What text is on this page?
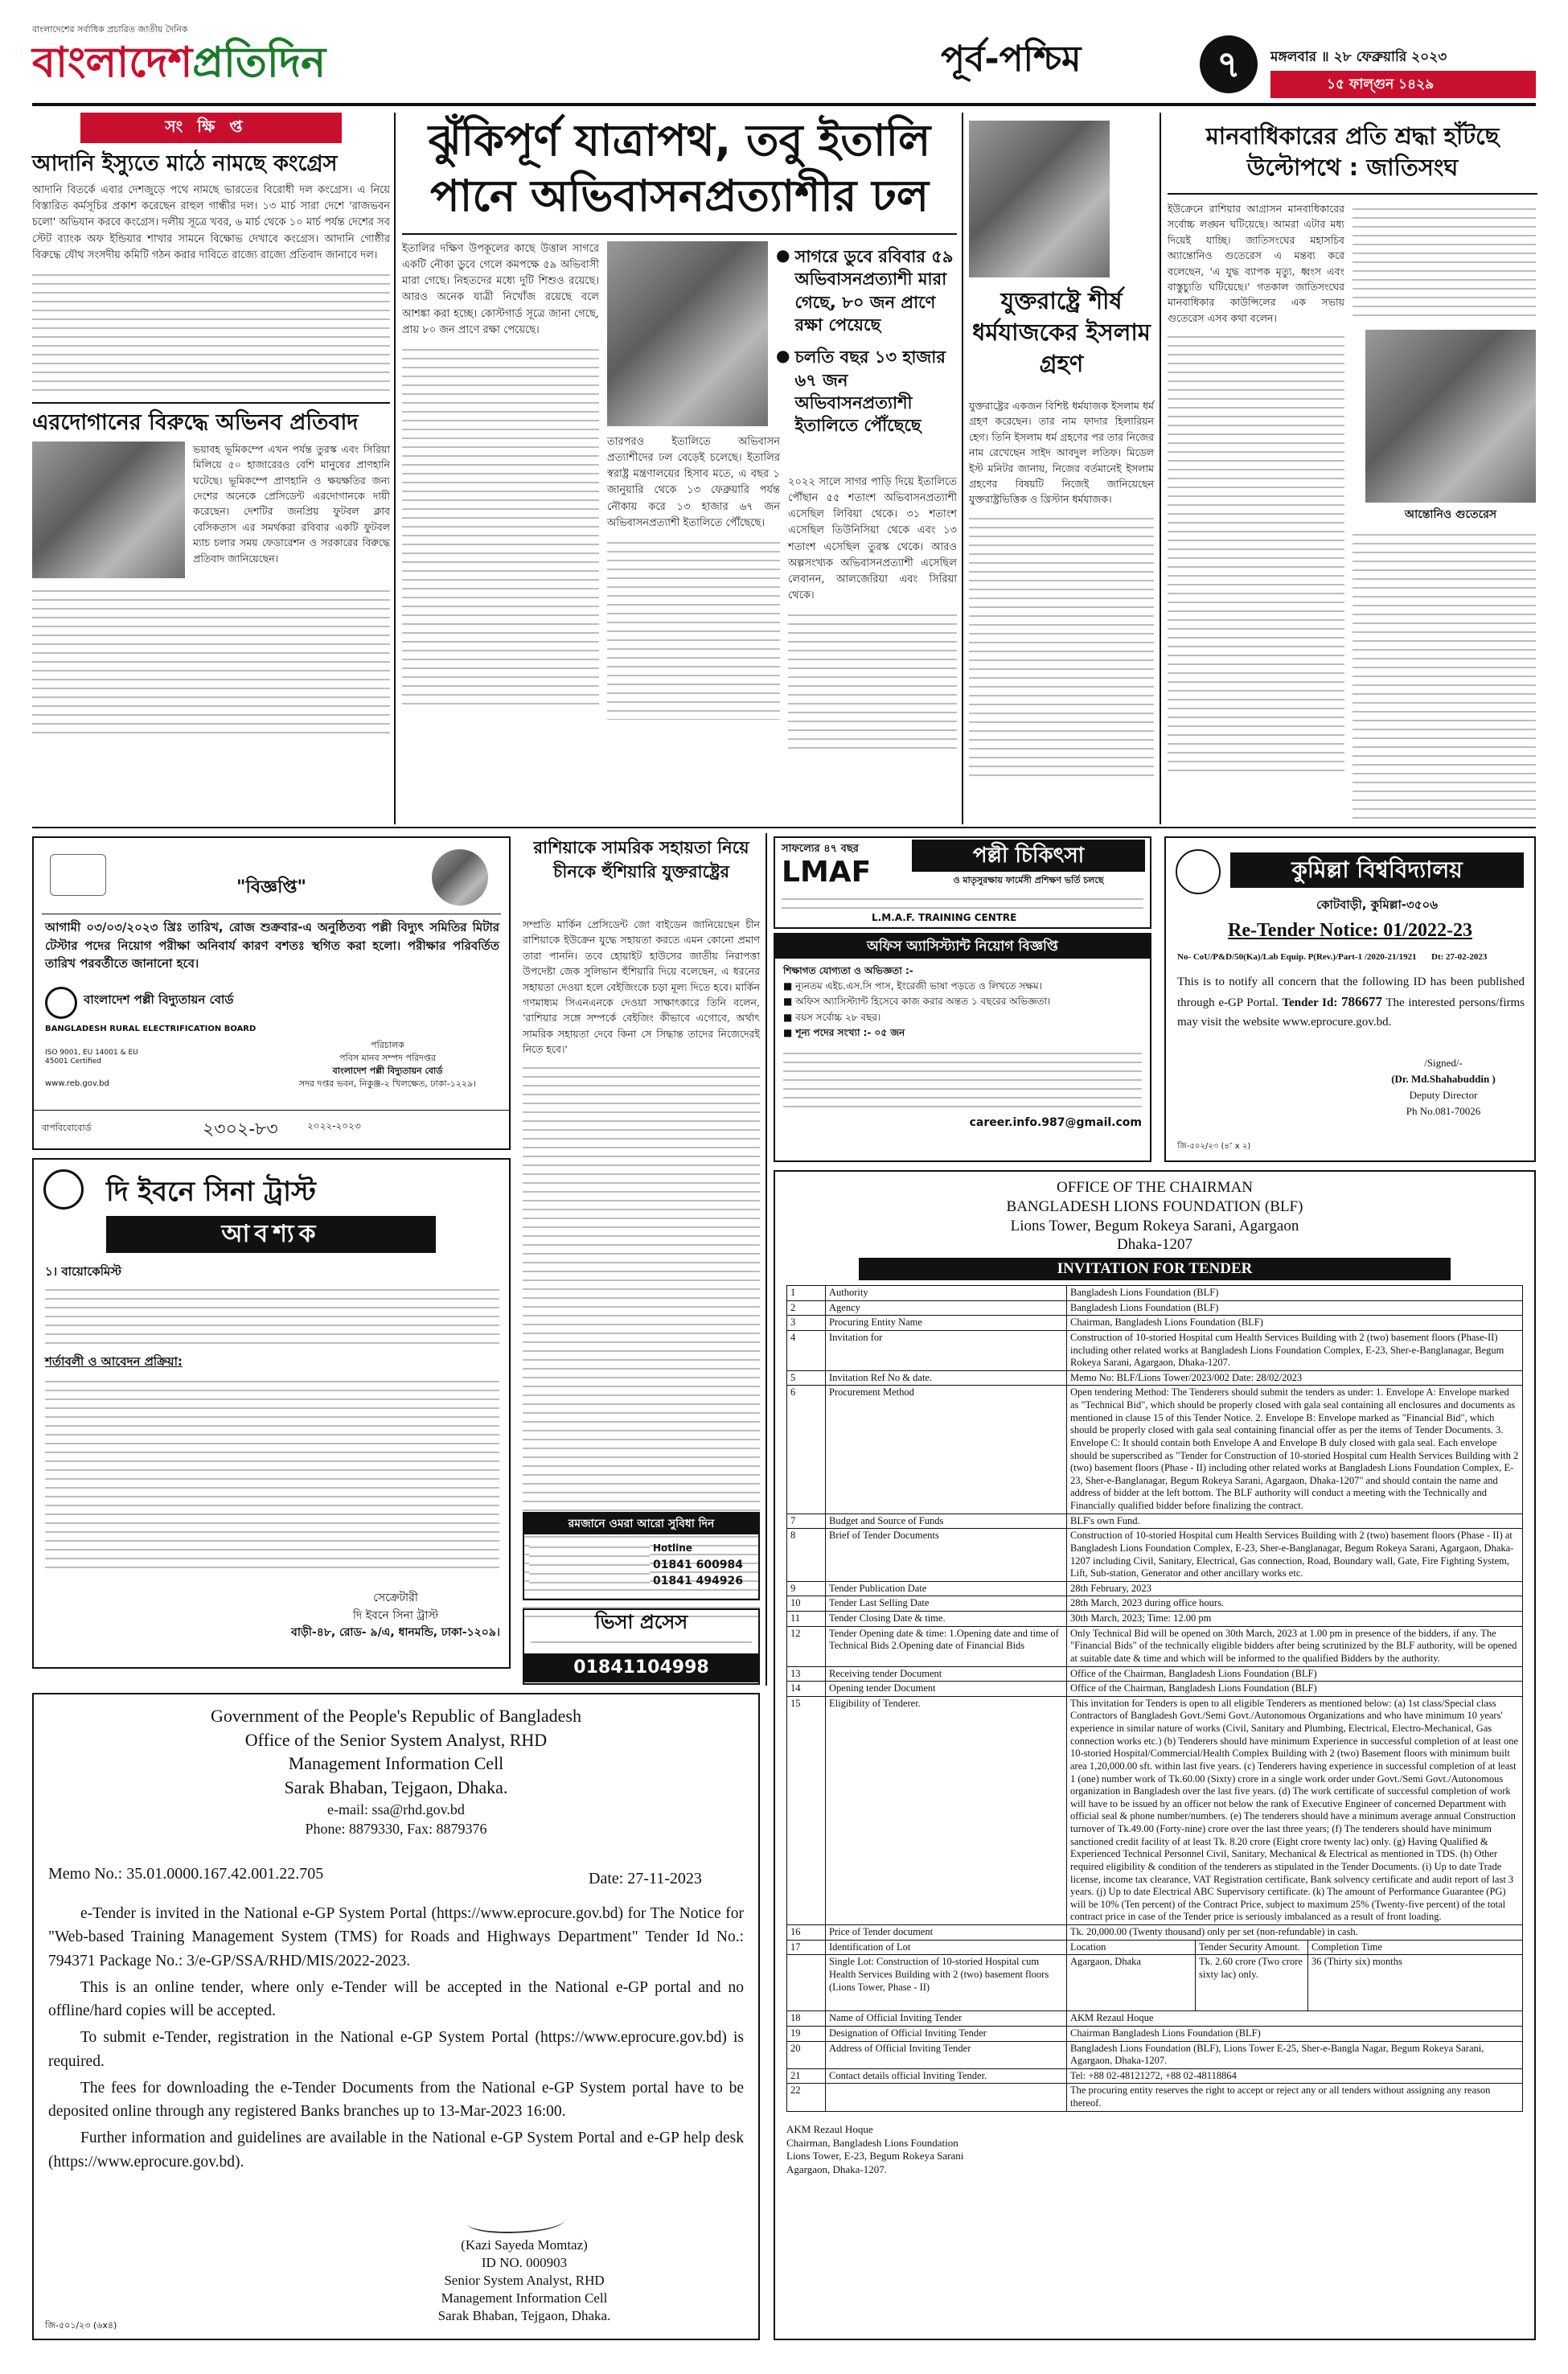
বাংলাদেশের সর্বাধিক প্রচারিত জাতীয় দৈনিক
বাংলাদেশপ্রতিদিন	পূর্ব-পশ্চিম	৭	মঙ্গলবার ॥ ২৮ ফেব্রুয়ারি ২০২৩
১৫ ফাল্গুন ১৪২৯
সংক্ষিপ্ত
আদানি ইস্যুতে মাঠে নামছে কংগ্রেস

আদানি বিতর্কে এবার দেশজুড়ে পথে নামছে ভারতের বিরোধী দল কংগ্রেস। এ নিয়ে বিস্তারিত কর্মসূচির প্রকাশ করেছেন রাহুল গান্ধীর দল। ১৩ মার্চ সারা দেশে 'রাজভবন চলো' অভিযান করবে কংগ্রেস। দলীয় সূত্রে খবর, ৬ মার্চ থেকে ১০ মার্চ পর্যন্ত দেশের সব স্টেট ব্যাংক অফ ইন্ডিয়ার শাখার সামনে বিক্ষোভ দেখাবে কংগ্রেস। আদানি গোষ্ঠীর বিরুদ্ধে যৌথ সংসদীয় কমিটি গঠন করার দাবিতে রাজ্যে রাজ্যে প্রতিবাদ জানাবে দল।

এরদোগানের বিরুদ্ধে অভিনব প্রতিবাদ

ভয়াবহ ভূমিকম্পে এখন পর্যন্ত তুরস্ক এবং সিরিয়া মিলিয়ে ৫০ হাজারেরও বেশি মানুষের প্রাণহানি ঘটেছে। ভূমিকম্পে প্রাণহানি ও ক্ষয়ক্ষতির জন্য দেশের অনেকে প্রেসিডেন্ট এরদোগানকে দায়ী করেছেন। দেশটির জনপ্রিয় ফুটবল ক্লাব বেসিকতাস এর সমর্থকরা রবিবার একটি ফুটবল ম্যাচ চলার সময় ফেডারেশন ও সরকারের বিরুদ্ধে প্রতিবাদ জানিয়েছেন।

ঝুঁকিপূর্ণ যাত্রাপথ, তবু ইতালি
পানে অভিবাসনপ্রত্যাশীর ঢল

ইতালির দক্ষিণ উপকূলের কাছে উত্তাল সাগরে একটি নৌকা ডুবে গেলে কমপক্ষে ৫৯ অভিবাসী মারা গেছে। নিহতদের মধ্যে দুটি শিশুও রয়েছে। আরও অনেক যাত্রী নিখোঁজ রয়েছে বলে আশঙ্কা করা হচ্ছে। কোস্টগার্ড সূত্রে জানা গেছে, প্রায় ৮০ জন প্রাণে রক্ষা পেয়েছে।

● সাগরে ডুবে রবিবার ৫৯ অভিবাসনপ্রত্যাশী মারা গেছে, ৮০ জন প্রাণে রক্ষা পেয়েছে
● চলতি বছর ১৩ হাজার ৬৭ জন অভিবাসনপ্রত্যাশী ইতালিতে পৌঁছেছে

তারপরও ইতালিতে অভিবাসন প্রত্যাশীদের ঢল বেড়েই চলেছে। ইতালির স্বরাষ্ট্র মন্ত্রণালয়ের হিসাব মতে, এ বছর ১ জানুয়ারি থেকে ১৩ ফেব্রুয়ারি পর্যন্ত নৌকায় করে ১৩ হাজার ৬৭ জন অভিবাসনপ্রত্যাশী ইতালিতে পৌঁছেছে।

২০২২ সালে সাগর পাড়ি দিয়ে ইতালিতে পৌঁছান ৫৫ শতাংশ অভিবাসনপ্রত্যাশী এসেছিল লিবিয়া থেকে। ৩১ শতাংশ এসেছিল তিউনিসিয়া থেকে এবং ১৩ শতাংশ এসেছিল তুরস্ক থেকে। আরও অল্পসংখ্যক অভিবাসনপ্রত্যাশী এসেছিল লেবানন, আলজেরিয়া এবং সিরিয়া থেকে।

যুক্তরাষ্ট্রে শীর্ষ ধর্মযাজকের ইসলাম গ্রহণ

যুক্তরাষ্ট্রের একজন বিশিষ্ট ধর্মযাজক ইসলাম ধর্ম গ্রহণ করেছেন। তার নাম ফাদার হিলারিয়ন হেগ। তিনি ইসলাম ধর্ম গ্রহণের পর তার নিজের নাম রেখেছেন সাইদ আবদুল লতিফ। মিডেল ইস্ট মনিটর জানায়, নিজের বর্তমানেই ইসলাম গ্রহণের বিষয়টি নিজেই জানিয়েছেন যুক্তরাষ্ট্রভিত্তিক ও খ্রিস্টান ধর্মযাজক।

মানবাধিকারের প্রতি শ্রদ্ধা হাঁটছে
উল্টোপথে : জাতিসংঘ

ইউক্রেনে রাশিয়ার আগ্রাসন মানবাধিকারের সর্বোচ্চ লঙ্ঘন ঘটিয়েছে। আমরা এটার মধ্য দিয়েই যাচ্ছি। জাতিসংঘের মহাসচিব অ্যান্তোনিও গুতেরেস এ মন্তব্য করে বলেছেন, 'এ যুদ্ধ ব্যাপক মৃত্যু, ধ্বংস এবং বাস্তুচ্যুতি ঘটিয়েছে।' গতকাল জাতিসংঘের মানবাধিকার কাউন্সিলের এক সভায় গুতেরেস এসব কথা বলেন।

আন্তোনিও গুতেরেস
"বিজ্ঞপ্তি"

আগামী ০৩/০৩/২০২৩ খ্রিঃ তারিখ, রোজ শুক্রবার-এ অনুষ্ঠিতব্য পল্লী বিদ্যুৎ সমিতির মিটার টেস্টার পদের নিয়োগ পরীক্ষা অনিবার্য কারণ বশতঃ স্থগিত করা হলো। পরীক্ষার পরিবর্তিত তারিখ পরবর্তীতে জানানো হবে।

বাংলাদেশ পল্লী বিদ্যুতায়ন বোর্ড
BANGLADESH RURAL ELECTRIFICATION BOARD
ISO 9001, EU 14001 & EU 45001 Certified
www.reb.gov.bd
পরিচালক
পবিস মানব সম্পদ পরিদপ্তর
বাংলাদেশ পল্লী বিদ্যুতায়ন বোর্ড
সদর দপ্তর ভবন, নিকুঞ্জ-২ খিলক্ষেত, ঢাকা-১২২৯।
বাপবিবোবোর্ড	২৩০২-৮৩	২০২২-২০২৩
রাশিয়াকে সামরিক সহায়তা নিয়ে চীনকে হুঁশিয়ারি যুক্তরাষ্ট্রের

সম্প্রতি মার্কিন প্রেসিডেন্ট জো বাইডেন জানিয়েছেন চীন রাশিয়াকে ইউক্রেন যুদ্ধে সহায়তা করতে এমন কোনো প্রমাণ তারা পাননি। তবে হোয়াইট হাউসের জাতীয় নিরাপত্তা উপদেষ্টা জেক সুলিভান হুঁশিয়ারি দিয়ে বলেছেন, এ ধরনের সহায়তা দেওয়া হলে বেইজিংকে চড়া মূল্য দিতে হবে। মার্কিন গণমাধ্যম সিএনএনকে দেওয়া সাক্ষাৎকারে তিনি বলেন, 'রাশিয়ার সঙ্গে সম্পর্কে বেইজিং কীভাবে এগোবে, অর্থাৎ সামরিক সহায়তা দেবে কিনা সে সিদ্ধান্ত তাদের নিজেদেরই নিতে হবে।'

সাফল্যের ৪৭ বছর
LMAF	পল্লী চিকিৎসা
ও মাতৃসুরক্ষায় ফার্মেসী প্রশিক্ষণ ভর্তি চলছে
L.M.A.F. TRAINING CENTRE
অফিস অ্যাসিস্ট্যান্ট নিয়োগ বিজ্ঞপ্তি
শিক্ষাগত যোগ্যতা ও অভিজ্ঞতা :-
■ ন্যূনতম এইচ.এস.সি পাস, ইংরেজী ভাষা পড়তে ও লিখতে সক্ষম।
■ অফিস অ্যাসিস্ট্যান্ট হিসেবে কাজ করার অন্তত ১ বছরের অভিজ্ঞতা।
■ বয়স সর্বোচ্চ ২৮ বছর।
■ শূন্য পদের সংখ্যা :- ০৫ জন
career.info.987@gmail.com
কুমিল্লা বিশ্ববিদ্যালয়
কোটবাড়ী, কুমিল্লা-৩৫০৬
Re-Tender Notice: 01/2022-23
No- CoU/P&D/50(Ka)/Lab Equip. P(Rev.)/Part-1 /2020-21/1921 Dt: 27-02-2023
This is to notify all concern that the following ID has been published through e-GP Portal. Tender Id: 786677 The interested persons/firms may visit the website www.eprocure.gov.bd.
/Signed/-
(Dr. Md.Shahabuddin )
Deputy Director
Ph No.081-70026
জি-৫০২/২৩ (৪″ x ২)
দি ইবনে সিনা ট্রাস্ট
আবশ্যক
১। বায়োকেমিস্ট
শর্তাবলী ও আবেদন প্রক্রিয়া:
সেক্রেটারী
দি ইবনে সিনা ট্রাস্ট
বাড়ী-৪৮, রোড- ৯/এ, ধানমন্ডি, ঢাকা-১২০৯।
রমজানে ওমরা আরো সুবিধা দিন
Hotline
01841 600984
01841 494926
ভিসা প্রসেস
01841104998
Government of the People's Republic of Bangladesh
Office of the Senior System Analyst, RHD
Management Information Cell
Sarak Bhaban, Tejgaon, Dhaka.
e-mail: ssa@rhd.gov.bd
Phone: 8879330, Fax: 8879376
Memo No.: 35.01.0000.167.42.001.22.705	Date: 27-11-2023

e-Tender is invited in the National e-GP System Portal (https://www.eprocure.gov.bd) for The Notice for "Web-based Training Management System (TMS) for Roads and Highways Department" Tender Id No.: 794371 Package No.: 3/e-GP/SSA/RHD/MIS/2022-2023.

This is an online tender, where only e-Tender will be accepted in the National e-GP portal and no offline/hard copies will be accepted.

To submit e-Tender, registration in the National e-GP System Portal (https://www.eprocure.gov.bd) is required.

The fees for downloading the e-Tender Documents from the National e-GP System portal have to be deposited online through any registered Banks branches up to 13-Mar-2023 16:00.

Further information and guidelines are available in the National e-GP System Portal and e-GP help desk (https://www.eprocure.gov.bd).

(Kazi Sayeda Momtaz)
ID NO. 000903
Senior System Analyst, RHD
Management Information Cell
Sarak Bhaban, Tejgaon, Dhaka.
জি-৫০১/২৩ (৬x৪)
OFFICE OF THE CHAIRMAN
BANGLADESH LIONS FOUNDATION (BLF)
Lions Tower, Begum Rokeya Sarani, Agargaon
Dhaka-1207
INVITATION FOR TENDER
1	Authority	Bangladesh Lions Foundation (BLF)
2	Agency	Bangladesh Lions Foundation (BLF)
3	Procuring Entity Name	Chairman, Bangladesh Lions Foundation (BLF)
4	Invitation for	Construction of 10-storied Hospital cum Health Services Building with 2 (two) basement floors (Phase-II) including other related works at Bangladesh Lions Foundation Complex, E-23, Sher-e-Banglanagar, Begum Rokeya Sarani, Agargaon, Dhaka-1207.
5	Invitation Ref No & date.	Memo No: BLF/Lions Tower/2023/002 Date: 28/02/2023
6	Procurement Method	Open tendering Method: The Tenderers should submit the tenders as under: 1. Envelope A: Envelope marked as "Technical Bid", which should be properly closed with gala seal containing all enclosures and documents as mentioned in clause 15 of this Tender Notice. 2. Envelope B: Envelope marked as "Financial Bid", which should be properly closed with gala seal containing financial offer as per the items of Tender Documents. 3. Envelope C: It should contain both Envelope A and Envelope B duly closed with gala seal. Each envelope should be superscribed as "Tender for Construction of 10-storied Hospital cum Health Services Building with 2 (two) basement floors (Phase - II) including other related works at Bangladesh Lions Foundation Complex, E-23, Sher-e-Banglanagar, Begum Rokeya Sarani, Agargaon, Dhaka-1207" and should contain the name and address of bidder at the left bottom. The BLF authority will conduct a meeting with the Technically and Financially qualified bidder before finalizing the contract.
7	Budget and Source of Funds	BLF's own Fund.
8	Brief of Tender Documents	Construction of 10-storied Hospital cum Health Services Building with 2 (two) basement floors (Phase - II) at Bangladesh Lions Foundation Complex, E-23, Sher-e-Banglanagar, Begum Rokeya Sarani, Agargaon, Dhaka-1207 including Civil, Sanitary, Electrical, Gas connection, Road, Boundary wall, Gate, Fire Fighting System, Lift, Sub-station, Generator and other ancillary works etc.
9	Tender Publication Date	28th February, 2023
10	Tender Last Selling Date	28th March, 2023 during office hours.
11	Tender Closing Date & time.	30th March, 2023; Time: 12.00 pm
12	Tender Opening date & time: 1.Opening date and time of Technical Bids 2.Opening date of Financial Bids	Only Technical Bid will be opened on 30th March, 2023 at 1.00 pm in presence of the bidders, if any. The "Financial Bids" of the technically eligible bidders after being scrutinized by the BLF authority, will be opened at suitable date & time and which will be informed to the qualified Bidders by the authority.
13	Receiving tender Document	Office of the Chairman, Bangladesh Lions Foundation (BLF)
14	Opening tender Document	Office of the Chairman, Bangladesh Lions Foundation (BLF)
15	Eligibility of Tenderer.	This invitation for Tenders is open to all eligible Tenderers as mentioned below: (a) 1st class/Special class Contractors of Bangladesh Govt./Semi Govt./Autonomous Organizations and who have minimum 10 years' experience in similar nature of works (Civil, Sanitary and Plumbing, Electrical, Electro-Mechanical, Gas connection works etc.) (b) Tenderers should have minimum Experience in successful completion of at least one 10-storied Hospital/Commercial/Health Complex Building with 2 (two) Basement floors with minimum built area 1,20,000.00 sft. within last five years. (c) Tenderers having experience in successful completion of at least 1 (one) number work of Tk.60.00 (Sixty) crore in a single work order under Govt./Semi Govt./Autonomous organization in Bangladesh over the last five years. (d) The work certificate of successful completion of work will have to be issued by an officer not below the rank of Executive Engineer of concerned Department with official seal & phone number/numbers. (e) The tenderers should have a minimum average annual Construction turnover of Tk.49.00 (Forty-nine) crore over the last three years; (f) The tenderers should have minimum sanctioned credit facility of at least Tk. 8.20 crore (Eight crore twenty lac) only. (g) Having Qualified & Experienced Technical Personnel Civil, Sanitary, Mechanical & Electrical as mentioned in TDS. (h) Other required eligibility & condition of the tenderers as stipulated in the Tender Documents. (i) Up to date Trade license, income tax clearance, VAT Registration certificate, Bank solvency certificate and audit report of last 3 years. (j) Up to date Electrical ABC Supervisory certificate. (k) The amount of Performance Guarantee (PG) will be 10% (Ten percent) of the Contract Price, subject to maximum 25% (Twenty-five percent) of the total contract price in case of the Tender price is seriously imbalanced as a result of front loading.
16	Price of Tender document	Tk. 20,000.00 (Twenty thousand) only per set (non-refundable) in cash.
17	Identification of Lot	Location	Tender Security Amount.	Completion Time
	Single Lot: Construction of 10-storied Hospital cum Health Services Building with 2 (two) basement floors (Lions Tower, Phase - II)	Agargaon, Dhaka	Tk. 2.60 crore (Two crore sixty lac) only.	36 (Thirty six) months
18	Name of Official Inviting Tender	AKM Rezaul Hoque
19	Designation of Official Inviting Tender	Chairman Bangladesh Lions Foundation (BLF)
20	Address of Official Inviting Tender	Bangladesh Lions Foundation (BLF), Lions Tower E-25, Sher-e-Bangla Nagar, Begum Rokeya Sarani, Agargaon, Dhaka-1207.
21	Contact details official Inviting Tender.	Tel: +88 02-48121272, +88 02-48118864
22		The procuring entity reserves the right to accept or reject any or all tenders without assigning any reason thereof.
AKM Rezaul Hoque
Chairman, Bangladesh Lions Foundation
Lions Tower, E-23, Begum Rokeya Sarani
Agargaon, Dhaka-1207.
